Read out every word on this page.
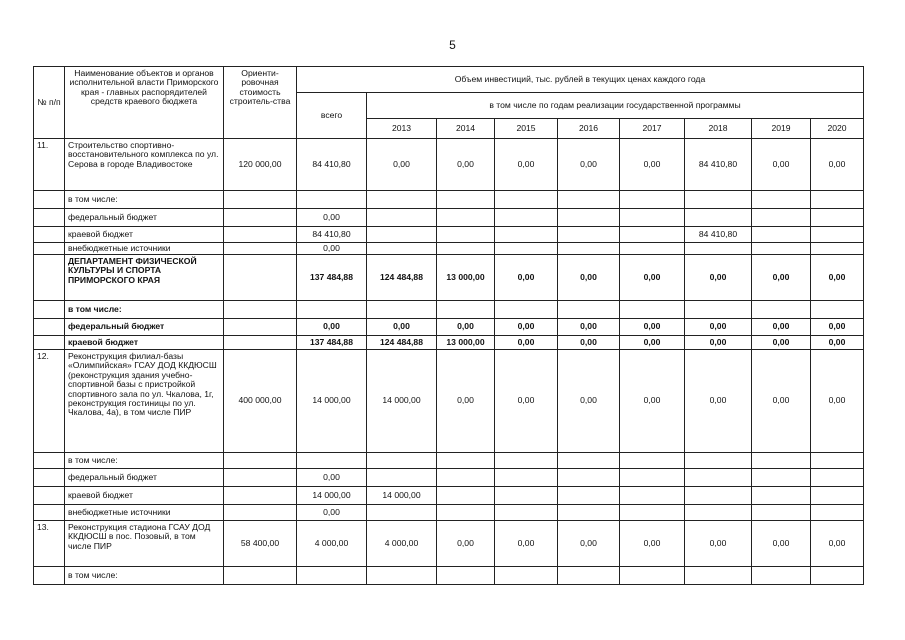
5
№ п/п	Наименование объектов и органов исполнительной власти Приморского края - главных распорядителей средств краевого бюджета	Ориенти-ровочная стоимость строитель-ства	Объем инвестиций, тыс. рублей в текущих ценах каждого года								
			всего	в том числе по годам реализации государственной программы							
				2013	2014	2015	2016	2017	2018	2019	2020
11.	Строительство спортивно-восстановительного комплекса по ул. Серова в городе Владивостоке	120 000,00	84 410,80	0,00	0,00	0,00	0,00	0,00	84 410,80	0,00	0,00
	в том числе:										
	федеральный бюджет		0,00								
	краевой бюджет		84 410,80						84 410,80		
	внебюджетные источники		0,00								
	ДЕПАРТАМЕНТ ФИЗИЧЕСКОЙ КУЛЬТУРЫ И СПОРТА ПРИМОРСКОГО КРАЯ		137 484,88	124 484,88	13 000,00	0,00	0,00	0,00	0,00	0,00	0,00
	в том числе:										
	федеральный бюджет		0,00	0,00	0,00	0,00	0,00	0,00	0,00	0,00	0,00
	краевой бюджет		137 484,88	124 484,88	13 000,00	0,00	0,00	0,00	0,00	0,00	0,00
12.	Реконструкция филиал-базы «Олимпийская» ГСАУ ДОД ККДЮСШ (реконструкция здания учебно-спортивной базы с пристройкой спортивного зала по ул. Чкалова, 1г, реконструкция гостиницы по ул. Чкалова, 4а), в том числе ПИР	400 000,00	14 000,00	14 000,00	0,00	0,00	0,00	0,00	0,00	0,00	0,00
	в том числе:										
	федеральный бюджет		0,00								
	краевой бюджет		14 000,00	14 000,00							
	внебюджетные источники		0,00								
13.	Реконструкция стадиона ГСАУ ДОД ККДЮСШ в пос. Позовый, в том числе ПИР	58 400,00	4 000,00	4 000,00	0,00	0,00	0,00	0,00	0,00	0,00	0,00
	в том числе:										
